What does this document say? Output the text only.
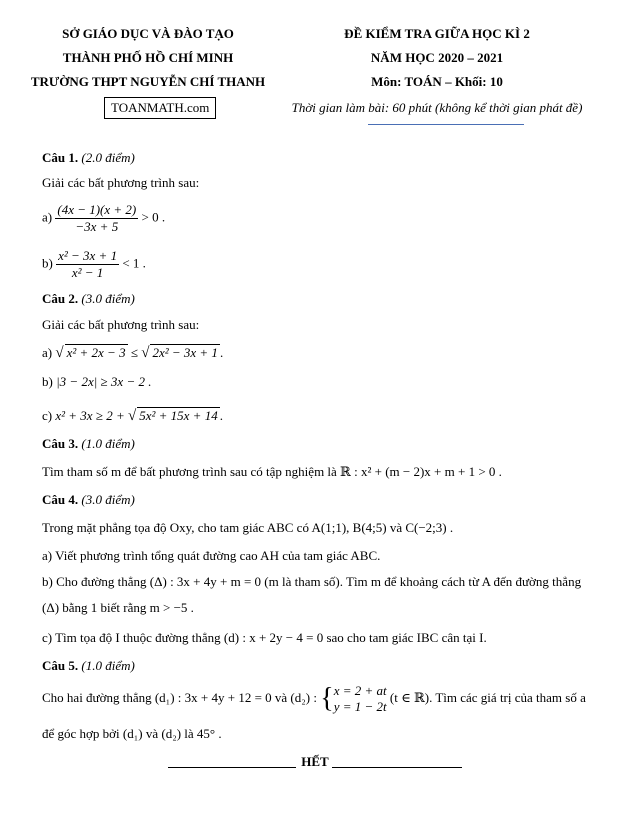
SỞ GIÁO DỤC VÀ ĐÀO TẠO
THÀNH PHỐ HỒ CHÍ MINH
TRƯỜNG THPT NGUYỄN CHÍ THANH
TOANMATH.com
ĐỀ KIỂM TRA GIỮA HỌC KÌ 2
NĂM HỌC 2020 – 2021
Môn: TOÁN – Khối: 10
Thời gian làm bài: 60 phút (không kể thời gian phát đề)
Câu 1. (2.0 điểm)
Giải các bất phương trình sau:
$a) \frac{(4x - 1)(x + 2)}{-3x + 5} > 0$ .
$b) \frac{\text{x² − 3x + 1}}{\text{x² − 1}} < 1$ .
Câu 2. (3.0 điểm)
Giải các bất phương trình sau:
a) √ x² + 2x − 3 ≤ √ 2x² − 3x + 1 .
b) |3 − 2x| ≥ 3x − 2 .
c) x² + 3x ≥ 2 + √ 5x² + 15x + 14 .
Câu 3. (1.0 điểm)
Tìm tham số m để bất phương trình sau có tập nghiệm là ℝ : x² + (m − 2)x + m + 1 > 0 .
Câu 4. (3.0 điểm)
Trong mặt phẳng tọa độ Oxy, cho tam giác ABC có A(1;1), B(4;5) và C(−2;3) .
a) Viết phương trình tổng quát đường cao AH của tam giác ABC.
b) Cho đường thẳng (Δ) : 3x + 4y + m = 0 (m là tham số). Tìm m để khoảng cách từ A đến đường thẳng
(Δ) bằng 1 biết rằng m > −5 .
c) Tìm tọa độ I thuộc đường thẳng (d) : x + 2y − 4 = 0 sao cho tam giác IBC cân tại I.
Câu 5. (1.0 điểm)
Cho hai đường thẳng (d₁) : 3x + 4y + 12 = 0 và (d₂) : { x = 2 + at
y = 1 − 2t
(t ∈ ℝ). Tìm các giá trị của tham số a
để góc hợp bởi (d₁) và (d₂) là 45° .
HẾT
